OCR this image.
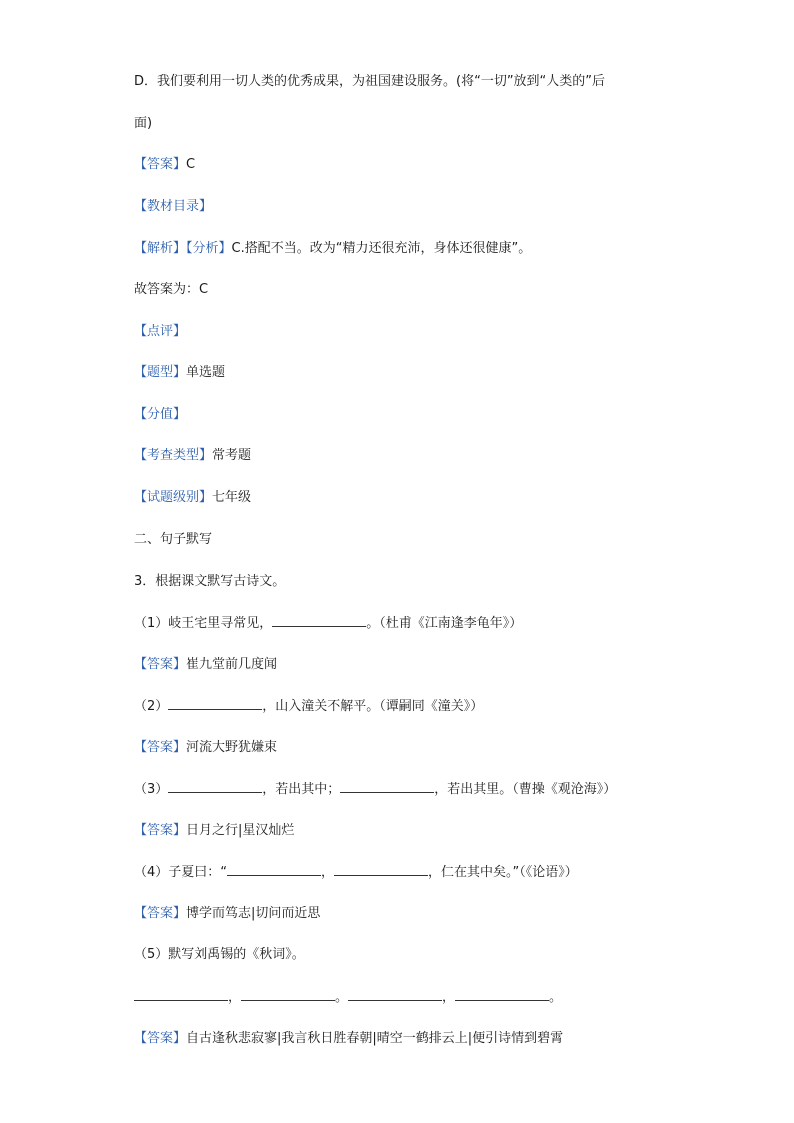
D．我们要利用一切人类的优秀成果，为祖国建设服务。(将“一切”放到“人类的”后
面)
【答案】C
【教材目录】
【解析】【分析】C.搭配不当。改为“精力还很充沛，身体还很健康”。
故答案为：C
【点评】
【题型】单选题
【分值】
【考查类型】常考题
【试题级别】七年级
二、句子默写
3．根据课文默写古诗文。
（1）岐王宅里寻常见，	。（杜甫《江南逢李龟年》）
【答案】崔九堂前几度闻
（2）	，山入潼关不解平。（谭嗣同《潼关》）
【答案】河流大野犹嫌束
（3）	，若出其中；	，若出其里。（曹操《观沧海》）
【答案】日月之行|星汉灿烂
（4）子夏曰：“	，	，仁在其中矣。”（《论语》）
【答案】博学而笃志|切问而近思
（5）默写刘禹锡的《秋词》。
，	。	，	。
【答案】自古逢秋悲寂寥|我言秋日胜春朝|晴空一鹤排云上|便引诗情到碧霄
